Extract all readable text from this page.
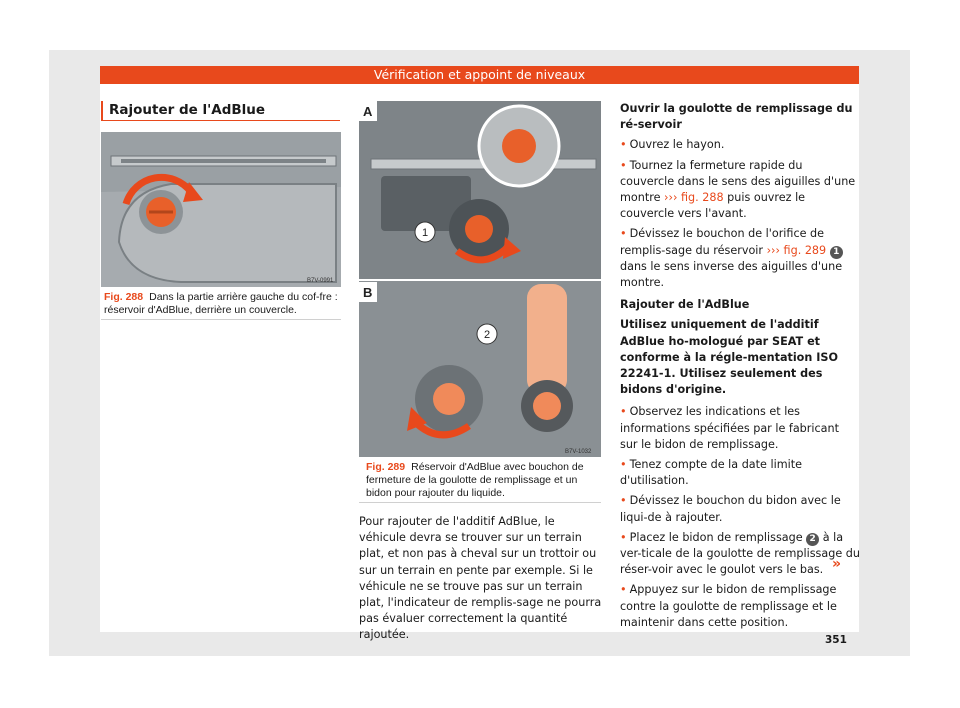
Vérification et appoint de niveaux
Rajouter de l'AdBlue
B7V-0991
Fig. 288 Dans la partie arrière gauche du cof-fre : réservoir d'AdBlue, derrière un couvercle.
1
2
A
B
B7V-1032
Fig. 289 Réservoir d'AdBlue avec bouchon de fermeture de la goulotte de remplissage et un bidon pour rajouter du liquide.
Pour rajouter de l'additif AdBlue, le véhicule devra se trouver sur un terrain plat, et non pas à cheval sur un trottoir ou sur un terrain en pente par exemple. Si le véhicule ne se trouve pas sur un terrain plat, l'indicateur de remplis-sage ne pourra pas évaluer correctement la quantité rajoutée.

Ouvrir la goulotte de remplissage du ré-servoir

• Ouvrez le hayon.

• Tournez la fermeture rapide du couvercle dans le sens des aiguilles d'une montre ››› fig. 288 puis ouvrez le couvercle vers l'avant.

• Dévissez le bouchon de l'orifice de remplis-sage du réservoir ››› fig. 289 1 dans le sens inverse des aiguilles d'une montre.

Rajouter de l'AdBlue

Utilisez uniquement de l'additif AdBlue ho-mologué par SEAT et conforme à la régle-mentation ISO 22241-1. Utilisez seulement des bidons d'origine.

• Observez les indications et les informations spécifiées par le fabricant sur le bidon de remplissage.

• Tenez compte de la date limite d'utilisation.

• Dévissez le bouchon du bidon avec le liqui-de à rajouter.

• Placez le bidon de remplissage 2 à la ver-ticale de la goulotte de remplissage du réser-voir avec le goulot vers le bas.

• Appuyez sur le bidon de remplissage contre la goulotte de remplissage et le maintenir dans cette position.

»
351
